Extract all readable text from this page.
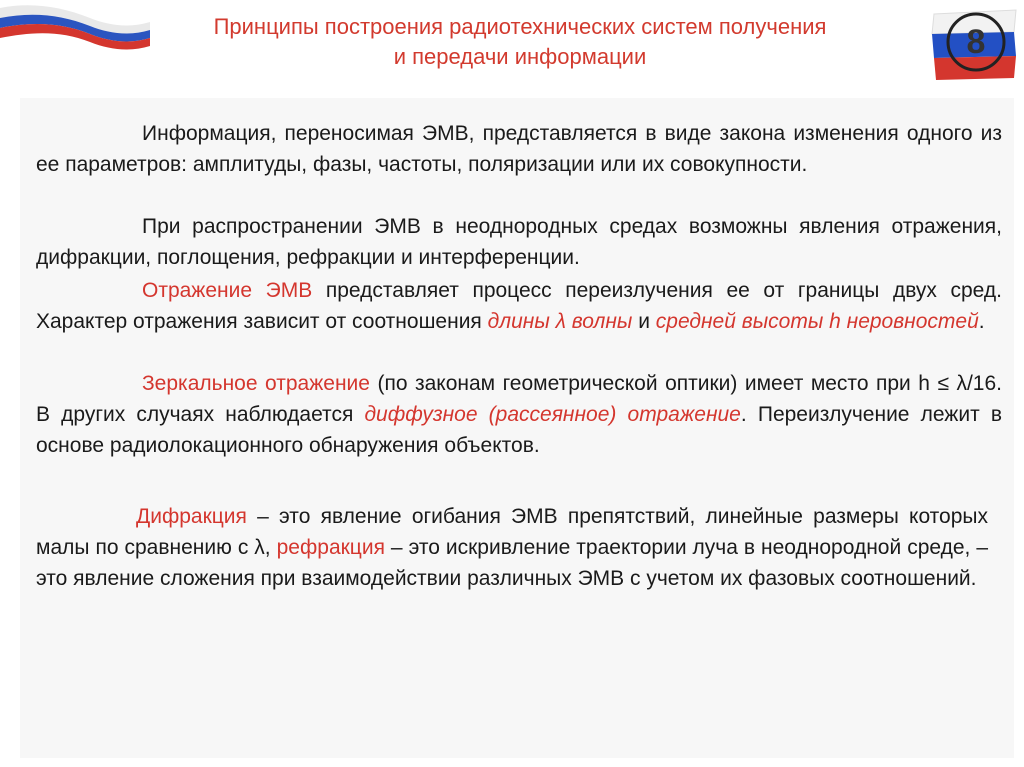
Принципы построения радиотехнических систем получения
и передачи информации	8

Информация, переносимая ЭМВ, представляется в виде закона изменения одного из ее параметров: амплитуды, фазы, частоты, поляризации или их совокупности.

При распространении ЭМВ в неоднородных средах возможны явления отражения, дифракции, поглощения, рефракции и интерференции.

Отражение ЭМВ представляет процесс переизлучения ее от границы двух сред. Характер отражения зависит от соотношения длины λ волны и средней высоты h неровностей.

Зеркальное отражение (по законам геометрической оптики) имеет место при h ≤ λ/16. В других случаях наблюдается диффузное (рассеянное) отражение. Переизлучение лежит в основе радиолокационного обнаружения объектов.

Дифракция – это явление огибания ЭМВ препятствий, линейные размеры которых малы по сравнению с λ, рефракция – это искривление траектории луча в неоднородной среде, – это явление сложения при взаимодействии различных ЭМВ с учетом их фазовых соотношений.
